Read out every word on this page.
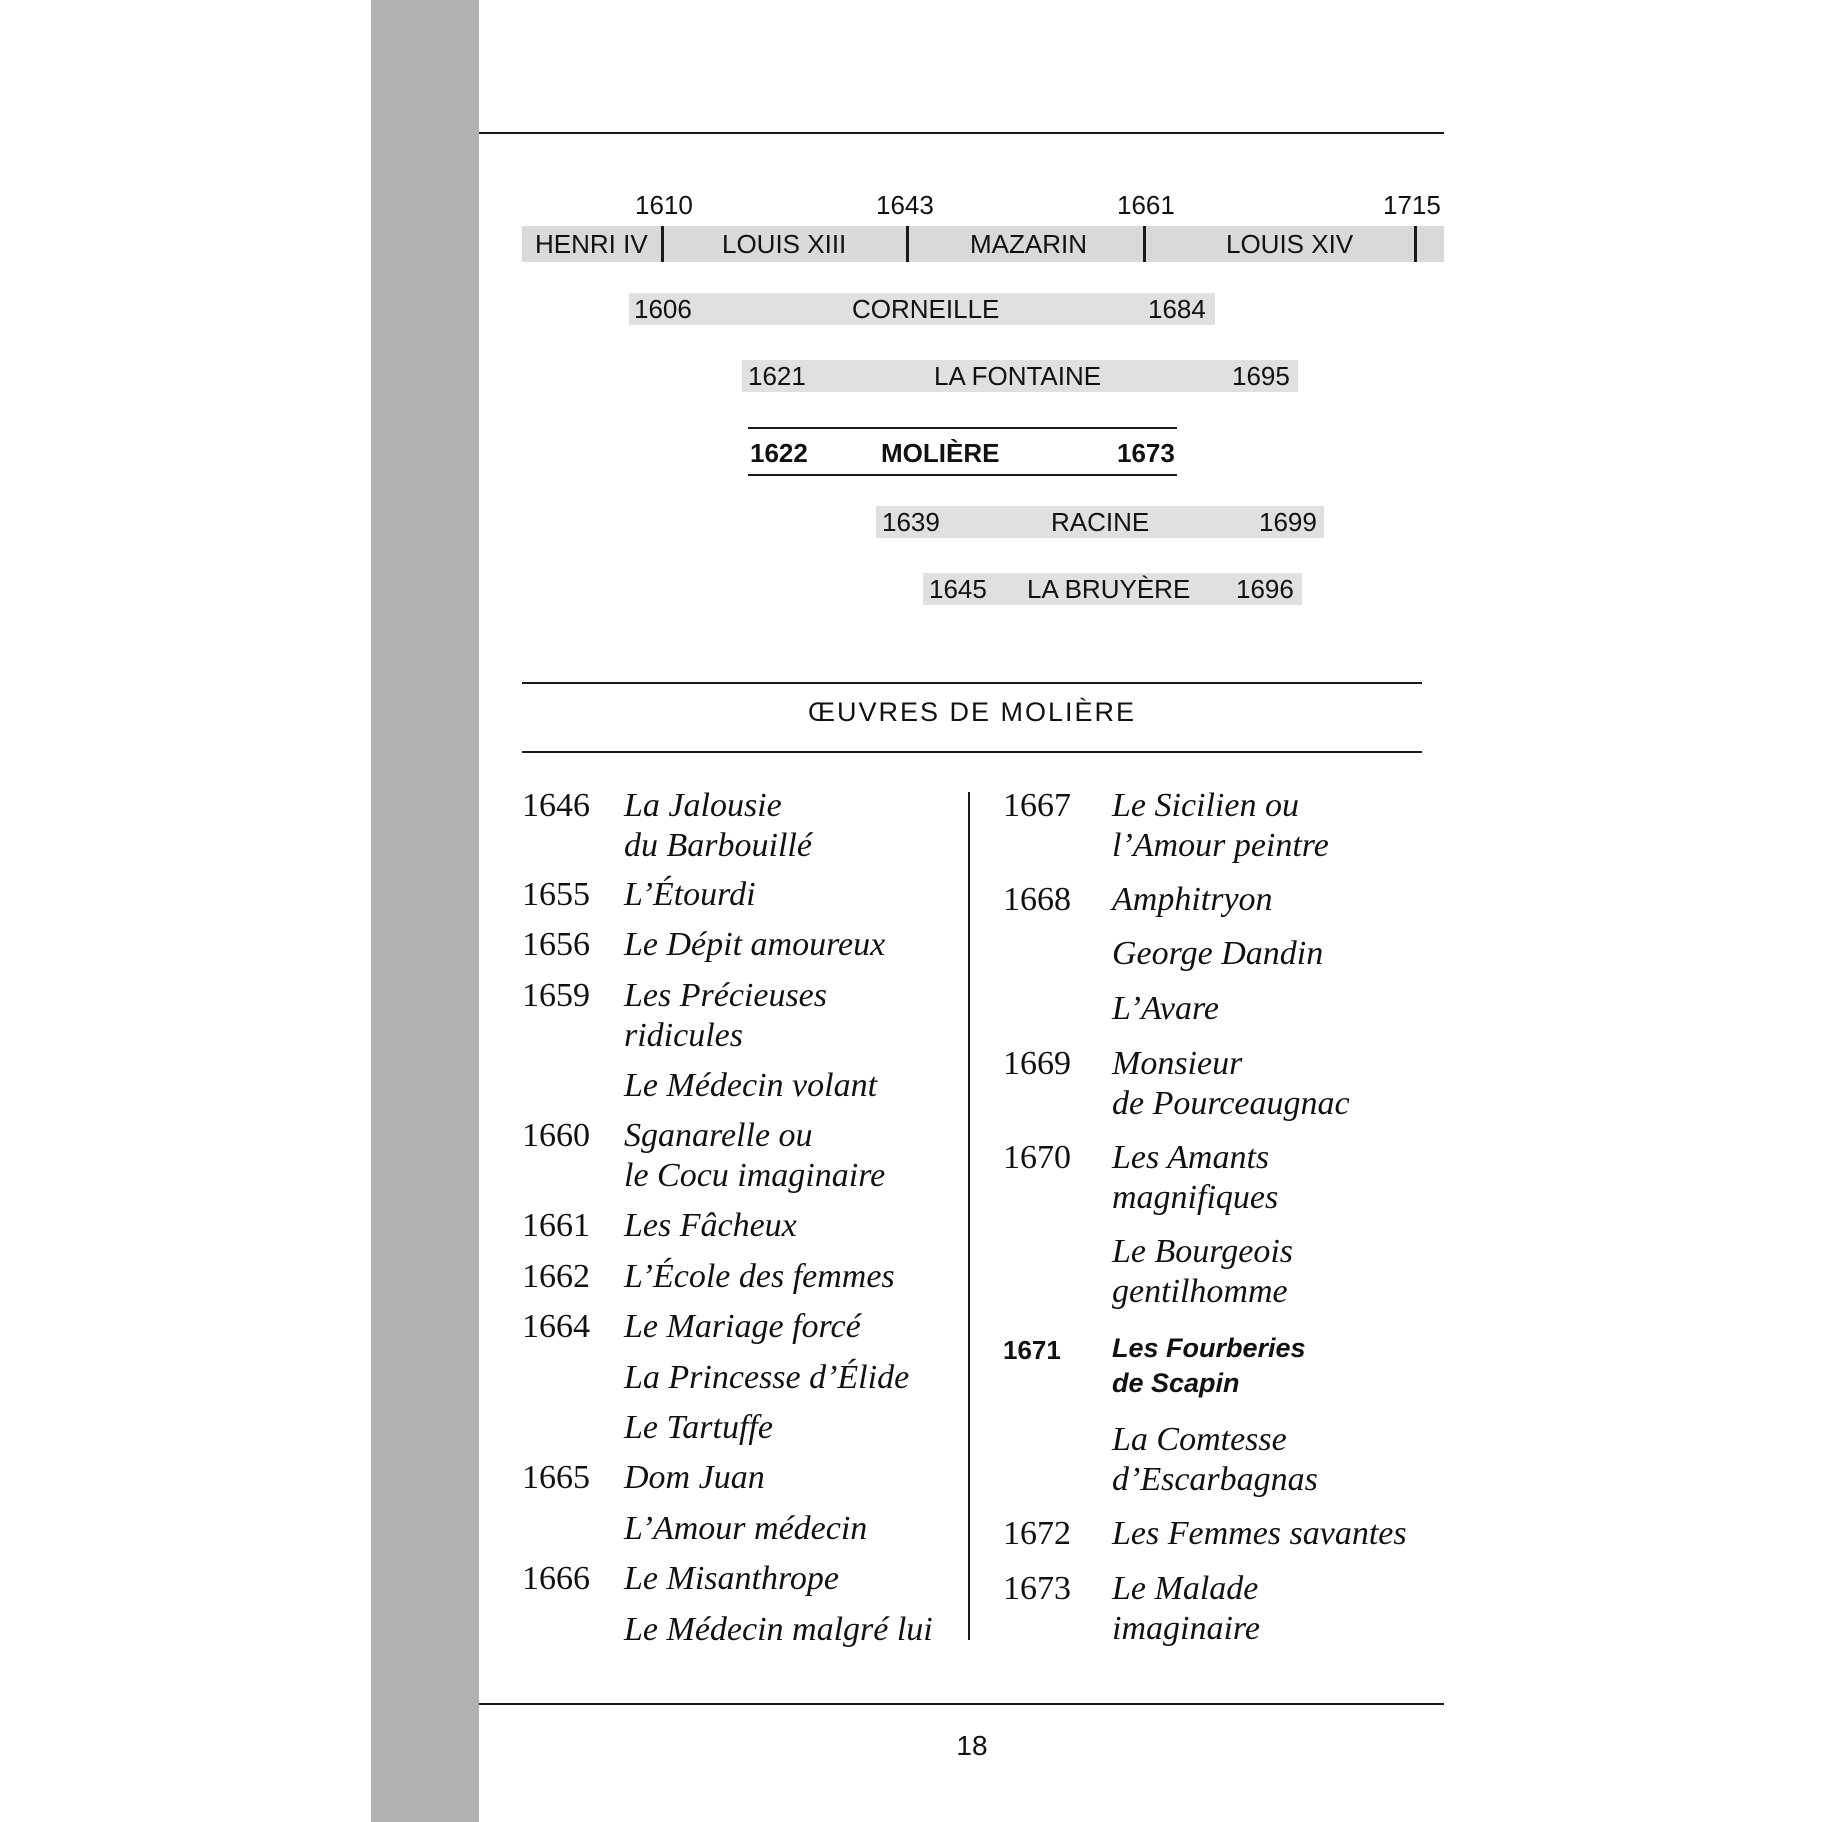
1610	1643	1661	1715
HENRI IV	LOUIS XIII	MAZARIN	LOUIS XIV
1606	CORNEILLE	1684
1621	LA FONTAINE	1695
1622	MOLIÈRE	1673
1639	RACINE	1699
1645 LA BRUYÈRE 1696
ŒUVRES DE MOLIÈRE
1646 La Jalousie
du Barbouillé
1655 L’Étourdi
1656 Le Dépit amoureux
1659 Les Précieuses
ridicules
Le Médecin volant
1660 Sganarelle ou
le Cocu imaginaire
1661 Les Fâcheux
1662 L’École des femmes
1664 Le Mariage forcé
La Princesse d’Élide
Le Tartuffe
1665 Dom Juan
L’Amour médecin
1666 Le Misanthrope
Le Médecin malgré lui
1667 Le Sicilien ou
l’Amour peintre
1668 Amphitryon
George Dandin
L’Avare
1669 Monsieur
de Pourceaugnac
1670 Les Amants
magnifiques
Le Bourgeois
gentilhomme
1671 Les Fourberies
de Scapin
La Comtesse
d’Escarbagnas
1672 Les Femmes savantes
1673 Le Malade
imaginaire
18
